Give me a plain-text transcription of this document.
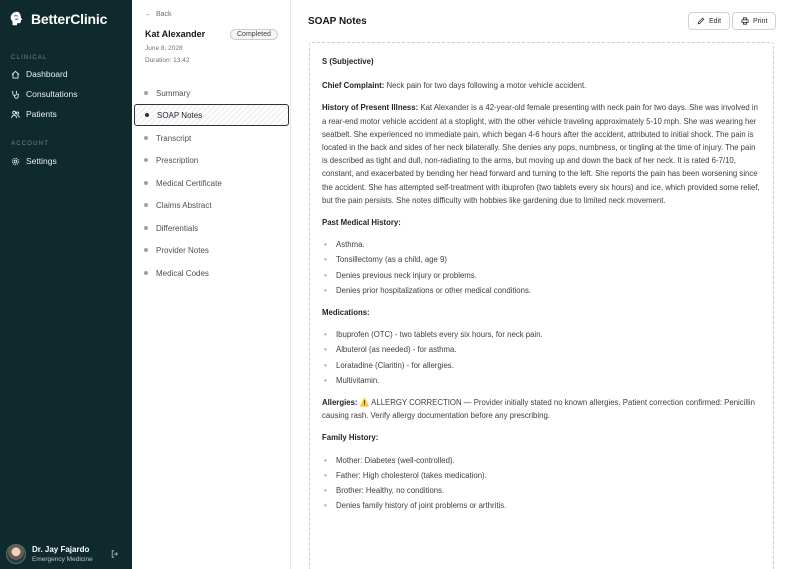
BetterClinic
CLINICAL
Dashboard
Consultations
Patients
ACCOUNT
Settings
Dr. Jay Fajardo
Emergency Medicine
← Back
Kat Alexander	Completed
June 8, 2028
Duration: 13:42
Summary
SOAP Notes
Transcript
Prescription
Medical Certificate
Claims Abstract
Differentials
Provider Notes
Medical Codes
SOAP Notes	Edit	Print
S (Subjective)
Chief Complaint: Neck pain for two days following a motor vehicle accident.
History of Present Illness: Kat Alexander is a 42-year-old female presenting with neck pain for two days. She was involved in a rear-end motor vehicle accident at a stoplight, with the other vehicle traveling approximately 5-10 mph. She was wearing her seatbelt. She experienced no immediate pain, which began 4-6 hours after the accident, attributed to initial shock. The pain is located in the back and sides of her neck bilaterally. She denies any pops, numbness, or tingling at the time of injury. The pain is described as tight and dull, non-radiating to the arms, but moving up and down the back of her neck. It is rated 6-7/10, constant, and exacerbated by bending her head forward and turning to the left. She reports the pain has been worsening since the accident. She has attempted self-treatment with ibuprofen (two tablets every six hours) and ice, which provided some relief, but the pain persists. She notes difficulty with hobbies like gardening due to limited neck movement.
Past Medical History:
• Asthma.
• Tonsillectomy (as a child, age 9)
• Denies previous neck injury or problems.
• Denies prior hospitalizations or other medical conditions.
Medications:
• Ibuprofen (OTC) - two tablets every six hours, for neck pain.
• Albuterol (as needed) - for asthma.
• Loratadine (Claritin) - for allergies.
• Multivitamin.
Allergies: ⚠️ ALLERGY CORRECTION — Provider initially stated no known allergies. Patient correction confirmed: Penicillin causing rash. Verify allergy documentation before any prescribing.
Family History:
• Mother: Diabetes (well-controlled).
• Father: High cholesterol (takes medication).
• Brother: Healthy, no conditions.
• Denies family history of joint problems or arthritis.
